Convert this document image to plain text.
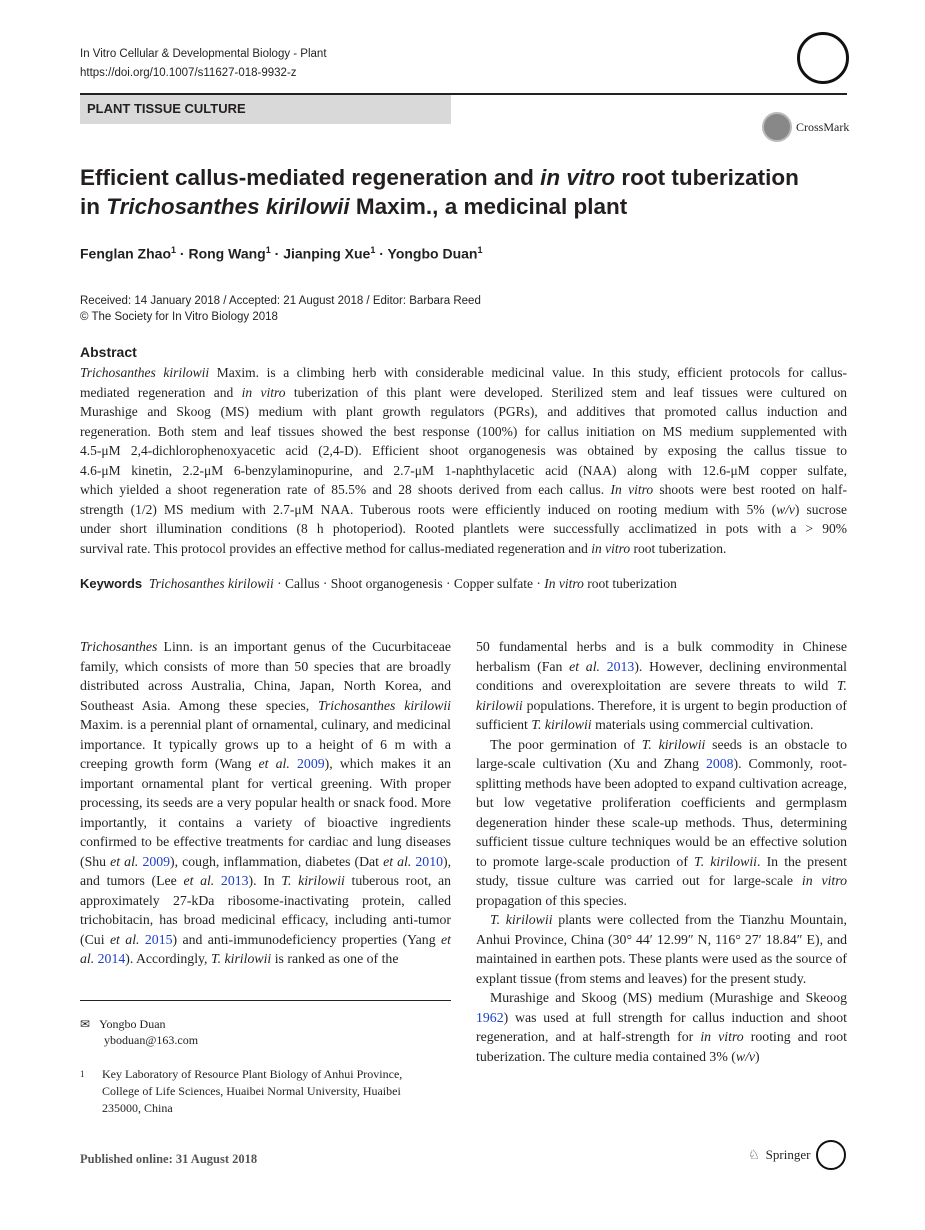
In Vitro Cellular & Developmental Biology - Plant
https://doi.org/10.1007/s11627-018-9932-z
PLANT TISSUE CULTURE
CrossMark
Efficient callus-mediated regeneration and in vitro root tuberization
in Trichosanthes kirilowii Maxim., a medicinal plant
Fenglan Zhao$^1$ · Rong Wang$^1$ · Jianping Xue$^1$ · Yongbo Duan$^1$
Received: 14 January 2018 / Accepted: 21 August 2018 / Editor: Barbara Reed
© The Society for In Vitro Biology 2018
Abstract
Trichosanthes kirilowii Maxim. is a climbing herb with considerable medicinal value. In this study, efficient protocols for callus-
mediated regeneration and in vitro tuberization of this plant were developed. Sterilized stem and leaf tissues were cultured on
Murashige and Skoog (MS) medium with plant growth regulators (PGRs), and additives that promoted callus induction and
regeneration. Both stem and leaf tissues showed the best response (100%) for callus initiation on MS medium supplemented with
4.5-μM 2,4-dichlorophenoxyacetic acid (2,4-D). Efficient shoot organogenesis was obtained by exposing the callus tissue to
4.6-μM kinetin, 2.2-μM 6-benzylaminopurine, and 2.7-μM 1-naphthylacetic acid (NAA) along with 12.6-μM copper sulfate,
which yielded a shoot regeneration rate of 85.5% and 28 shoots derived from each callus. In vitro shoots were best rooted on half-
strength (1/2) MS medium with 2.7-μM NAA. Tuberous roots were efficiently induced on rooting medium with 5% (w/v) sucrose
under short illumination conditions (8 h photoperiod). Rooted plantlets were successfully acclimatized in pots with a > 90%
survival rate. This protocol provides an effective method for callus-mediated regeneration and in vitro root tuberization.
Keywords Trichosanthes kirilowii · Callus · Shoot organogenesis · Copper sulfate · In vitro root tuberization

Trichosanthes Linn. is an important genus of the Cucurbitaceae family, which consists of more than 50 species that are broadly distributed across Australia, China, Japan, North Korea, and Southeast Asia. Among these species, Trichosanthes kirilowii Maxim. is a perennial plant of ornamental, culinary, and medicinal importance. It typically grows up to a height of 6 m with a creeping growth form (Wang et al. 2009), which makes it an important ornamental plant for vertical greening. With proper processing, its seeds are a very popular health or snack food. More importantly, it contains a variety of bioactive ingredients confirmed to be effective treatments for cardiac and lung diseases (Shu et al. 2009), cough, inflammation, diabetes (Dat et al. 2010), and tumors (Lee et al. 2013). In T. kirilowii tuberous root, an approximately 27-kDa ribosome-inactivating protein, called trichobitacin, has broad medicinal efficacy, including anti-tumor (Cui et al. 2015) and anti-immunodeficiency properties (Yang et al. 2014). Accordingly, T. kirilowii is ranked as one of the

50 fundamental herbs and is a bulk commodity in Chinese herbalism (Fan et al. 2013). However, declining environmental conditions and overexploitation are severe threats to wild T. kirilowii populations. Therefore, it is urgent to begin production of sufficient T. kirilowii materials using commercial cultivation.

The poor germination of T. kirilowii seeds is an obstacle to large-scale cultivation (Xu and Zhang 2008). Commonly, root-splitting methods have been adopted to expand cultivation acreage, but low vegetative proliferation coefficients and germplasm degeneration hinder these scale-up methods. Thus, determining sufficient tissue culture techniques would be an effective solution to promote large-scale production of T. kirilowii. In the present study, tissue culture was carried out for large-scale in vitro propagation of this species.

T. kirilowii plants were collected from the Tianzhu Mountain, Anhui Province, China (30° 44′ 12.99″ N, 116° 27′ 18.84″ E), and maintained in earthen pots. These plants were used as the source of explant tissue (from stems and leaves) for the present study.

Murashige and Skoog (MS) medium (Murashige and Skeoog 1962) was used at full strength for callus induction and shoot regeneration, and at half-strength for in vitro rooting and root tuberization. The culture media contained 3% (w/v)

✉ Yongbo Duan
yboduan@163.com
1	Key Laboratory of Resource Plant Biology of Anhui Province, College of Life Sciences, Huaibei Normal University, Huaibei 235000, China
Published online: 31 August 2018	♘ Springer
